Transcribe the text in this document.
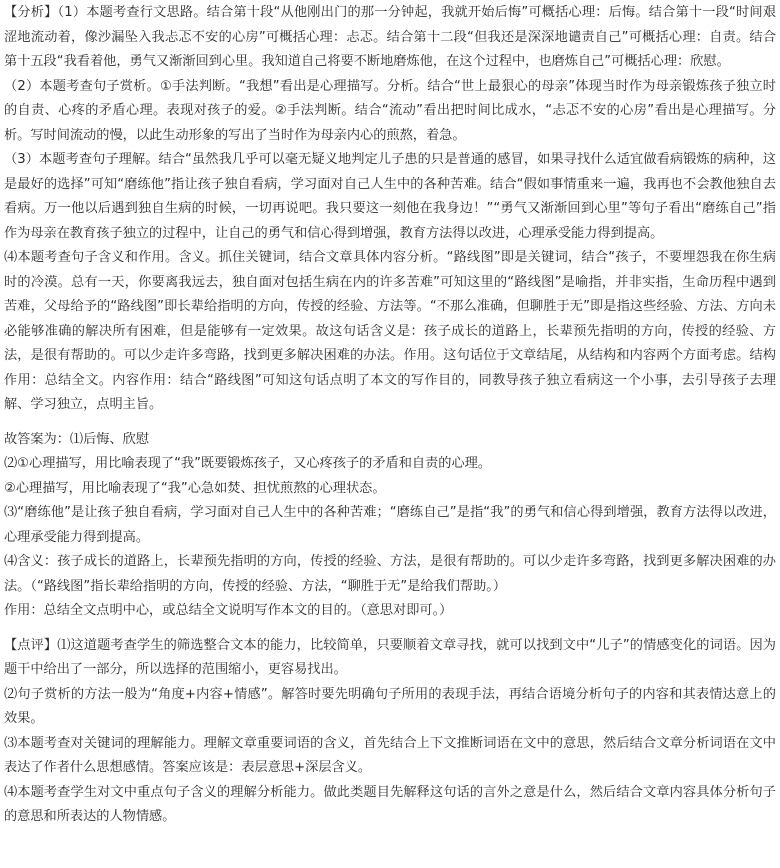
【分析】（1）本题考查行文思路。结合第十段“从他刚出门的那一分钟起，我就开始后悔”可概括心理：后悔。结合第十一段“时间艰涩地流动着，像沙漏坠入我忐忑不安的心房”可概括心理：忐忑。结合第十二段“但我还是深深地谴责自己”可概括心理：自责。结合第十五段“我看着他，勇气又渐渐回到心里。我知道自己将要不断地磨炼他，在这个过程中，也磨炼自己”可概括心理：欣慰。

（2）本题考查句子赏析。①手法判断。“我想”看出是心理描写。分析。结合“世上最狠心的母亲”体现当时作为母亲锻炼孩子独立时的自责、心疼的矛盾心理。表现对孩子的爱。②手法判断。结合“流动”看出把时间比成水，“忐忑不安的心房”看出是心理描写。分析。写时间流动的慢，以此生动形象的写出了当时作为母亲内心的煎熬，着急。

（3）本题考查句子理解。结合“虽然我几乎可以毫无疑义地判定儿子患的只是普通的感冒，如果寻找什么适宜做看病锻炼的病种，这是最好的选择”可知“磨练他”指让孩子独自看病，学习面对自己人生中的各种苦难。结合“假如事情重来一遍，我再也不会教他独自去看病。万一他以后遇到独自生病的时候，一切再说吧。我只要这一刻他在我身边！”“勇气又渐渐回到心里”等句子看出“磨练自己”指作为母亲在教育孩子独立的过程中，让自己的勇气和信心得到增强，教育方法得以改进，心理承受能力得到提高。

⑷本题考查句子含义和作用。含义。抓住关键词，结合文章具体内容分析。“路线图”即是关键词，结合“孩子，不要埋怨我在你生病时的冷漠。总有一天，你要离我远去，独自面对包括生病在内的许多苦难”可知这里的“路线图”是喻指，并非实指，生命历程中遇到苦难，父母给予的“路线图”即长辈给指明的方向，传授的经验、方法等。“不那么准确，但聊胜于无”即是指这些经验、方法、方向未必能够准确的解决所有困难，但是能够有一定效果。故这句话含义是：孩子成长的道路上，长辈预先指明的方向，传授的经验、方法，是很有帮助的。可以少走许多弯路，找到更多解决困难的办法。作用。这句话位于文章结尾，从结构和内容两个方面考虑。结构作用：总结全文。内容作用：结合“路线图”可知这句话点明了本文的写作目的，同教导孩子独立看病这一个小事，去引导孩子去理解、学习独立，点明主旨。

故答案为：⑴后悔、欣慰

⑵①心理描写，用比喻表现了“我”既要锻炼孩子，又心疼孩子的矛盾和自责的心理。

②心理描写，用比喻表现了“我”心急如焚、担忧煎熬的心理状态。

⑶“磨练他”是让孩子独自看病，学习面对自己人生中的各种苦难；“磨练自己”是指“我”的勇气和信心得到增强，教育方法得以改进，心理承受能力得到提高。

⑷含义：孩子成长的道路上，长辈预先指明的方向，传授的经验、方法，是很有帮助的。可以少走许多弯路，找到更多解决困难的办法。（“路线图”指长辈给指明的方向，传授的经验、方法，“聊胜于无”是给我们帮助。）

作用：总结全文点明中心，或总结全文说明写作本文的目的。（意思对即可。）

【点评】⑴这道题考查学生的筛选整合文本的能力，比较简单，只要顺着文章寻找，就可以找到文中“儿子”的情感变化的词语。因为题干中给出了一部分，所以选择的范围缩小，更容易找出。

⑵句子赏析的方法一般为“角度+内容+情感”。解答时要先明确句子所用的表现手法，再结合语境分析句子的内容和其表情达意上的效果。

⑶本题考查对关键词的理解能力。理解文章重要词语的含义，首先结合上下文推断词语在文中的意思，然后结合文章分析词语在文中表达了作者什么思想感情。答案应该是：表层意思+深层含义。

⑷本题考查学生对文中重点句子含义的理解分析能力。做此类题目先解释这句话的言外之意是什么，然后结合文章内容具体分析句子的意思和所表达的人物情感。
